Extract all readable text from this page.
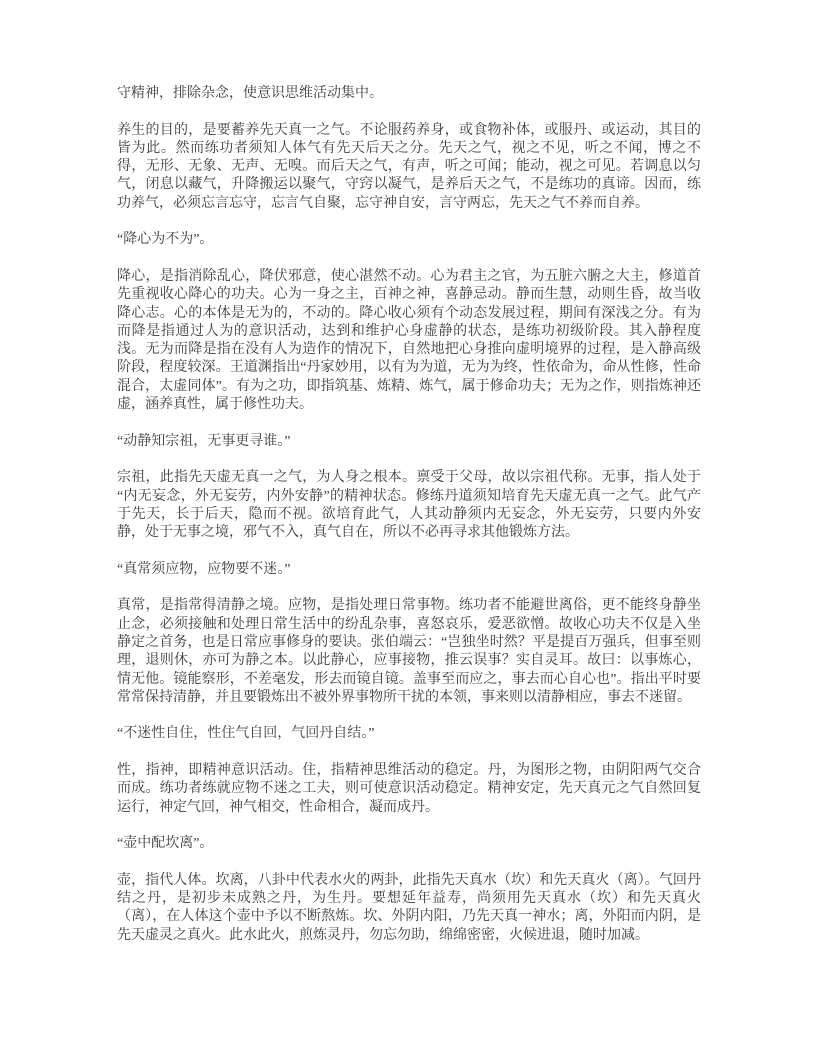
守精神，排除杂念，使意识思维活动集中。

养生的目的，是要蓄养先天真一之气。不论服药养身，或食物补体，或服丹、或运动，其目的皆为此。然而练功者须知人体气有先天后天之分。先天之气，视之不见，听之不闻，博之不得，无形、无象、无声、无嗅。而后天之气，有声，听之可闻；能动，视之可见。若调息以匀气，闭息以藏气，升降搬运以聚气，守窍以凝气，是养后天之气，不是练功的真谛。因而，练功养气，必须忘言忘守，忘言气自聚，忘守神自安，言守两忘，先天之气不养而自养。

“降心为不为”。

降心，是指消除乱心，降伏邪意，使心湛然不动。心为君主之官，为五脏六腑之大主，修道首先重视收心降心的功夫。心为一身之主，百神之神，喜静忌动。静而生慧，动则生昏，故当收降心志。心的本体是无为的，不动的。降心收心须有个动态发展过程，期间有深浅之分。有为而降是指通过人为的意识活动，达到和维护心身虚静的状态，是练功初级阶段。其入静程度浅。无为而降是指在没有人为造作的情况下，自然地把心身推向虚明境界的过程，是入静高级阶段，程度较深。王道渊指出“丹家妙用，以有为为道，无为为终，性依命为，命从性修，性命混合，太虚同体”。有为之功，即指筑基、炼精、炼气，属于修命功夫；无为之作，则指炼神还虚，涵养真性，属于修性功夫。

“动静知宗祖，无事更寻谁。”

宗祖，此指先天虚无真一之气，为人身之根本。禀受于父母，故以宗祖代称。无事，指人处于“内无妄念，外无妄劳，内外安静”的精神状态。修练丹道须知培育先天虚无真一之气。此气产于先天，长于后天，隐而不视。欲培育此气，人其动静须内无妄念，外无妄劳，只要内外安静，处于无事之境，邪气不入，真气自在，所以不必再寻求其他锻炼方法。

“真常须应物，应物要不迷。”

真常，是指常得清静之境。应物，是指处理日常事物。练功者不能避世离俗，更不能终身静坐止念，必须接触和处理日常生活中的纷乱杂事，喜怒哀乐，爱恶欲憎。故收心功夫不仅是入坐静定之首务，也是日常应事修身的要诀。张伯端云：“岂独坐时然？平是提百万强兵，但事至则理，退则休，亦可为静之本。以此静心，应事接物，推云误事？实自灵耳。故曰：以事炼心，情无他。镜能察形，不差毫发，形去而镜自镜。盖事至而应之，事去而心自心也”。指出平时要常常保持清静，并且要锻炼出不被外界事物所干扰的本领，事来则以清静相应，事去不迷留。

“不迷性自住，性住气自回，气回丹自结。”

性，指神，即精神意识活动。住，指精神思维活动的稳定。丹，为图形之物，由阴阳两气交合而成。练功者练就应物不迷之工夫，则可使意识活动稳定。精神安定，先天真元之气自然回复运行，神定气回，神气相交，性命相合，凝而成丹。

“壶中配坎离”。

壶，指代人体。坎离，八卦中代表水火的两卦，此指先天真水（坎）和先天真火（离）。气回丹结之丹，是初步未成熟之丹，为生丹。要想延年益寿，尚须用先天真水（坎）和先天真火（离），在人体这个壶中予以不断熬炼。坎、外阴内阳，乃先天真一神水；离，外阳而内阴，是先天虚灵之真火。此水此火，煎炼灵丹，勿忘勿助，绵绵密密，火候进退，随时加减。
